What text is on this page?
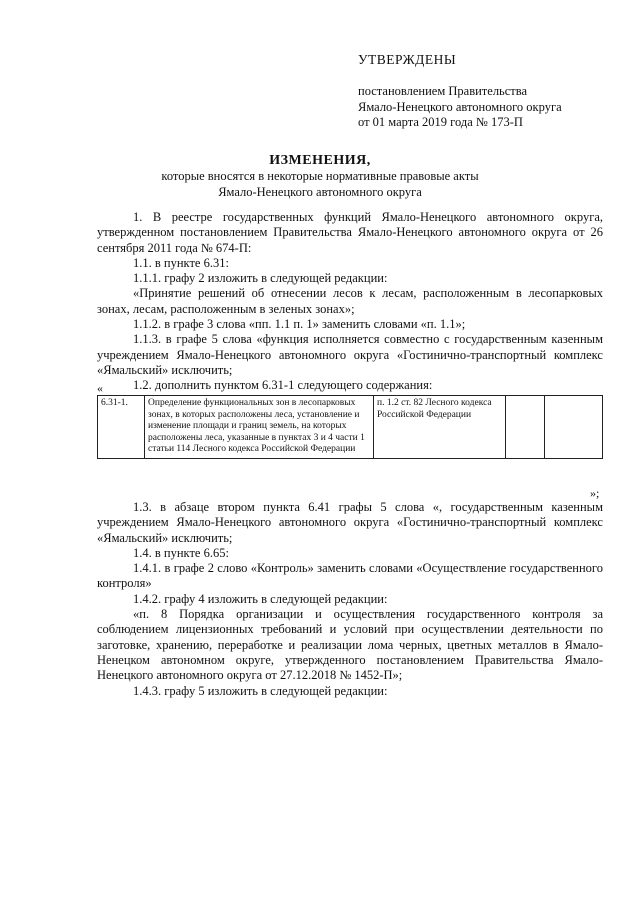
УТВЕРЖДЕНЫ
постановлением Правительства
Ямало-Ненецкого автономного округа
от 01 марта 2019 года № 173-П
ИЗМЕНЕНИЯ,
которые вносятся в некоторые нормативные правовые акты
Ямало-Ненецкого автономного округа

1. В реестре государственных функций Ямало-Ненецкого автономного округа, утвержденном постановлением Правительства Ямало-Ненецкого автономного округа от 26 сентября 2011 года № 674-П:

1.1. в пункте 6.31:

1.1.1. графу 2 изложить в следующей редакции:

«Принятие решений об отнесении лесов к лесам, расположенным в лесопарковых зонах, лесам, расположенным в зеленых зонах»;

1.1.2. в графе 3 слова «пп. 1.1 п. 1» заменить словами «п. 1.1»;

1.1.3. в графе 5 слова «функция исполняется совместно с государственным казенным учреждением Ямало-Ненецкого автономного округа «Гостинично-транспортный комплекс «Ямальский» исключить;

1.2. дополнить пунктом 6.31-1 следующего содержания:

«
6.31-1.	Определение функциональных зон в лесопарковых зонах, в которых расположены леса, установление и изменение площади и границ земель, на которых расположены леса, указанные в пунктах 3 и 4 части 1 статьи 114 Лесного кодекса Российской Федерации	п. 1.2 ст. 82 Лесного кодекса Российской Федерации		
»;

1.3. в абзаце втором пункта 6.41 графы 5 слова «, государственным казенным учреждением Ямало-Ненецкого автономного округа «Гостинично-транспортный комплекс «Ямальский» исключить;

1.4. в пункте 6.65:

1.4.1. в графе 2 слово «Контроль» заменить словами «Осуществление государственного контроля»

1.4.2. графу 4 изложить в следующей редакции:

«п. 8 Порядка организации и осуществления государственного контроля за соблюдением лицензионных требований и условий при осуществлении деятельности по заготовке, хранению, переработке и реализации лома черных, цветных металлов в Ямало-Ненецком автономном округе, утвержденного постановлением Правительства Ямало-Ненецкого автономного округа от 27.12.2018 № 1452-П»;

1.4.3. графу 5 изложить в следующей редакции:
